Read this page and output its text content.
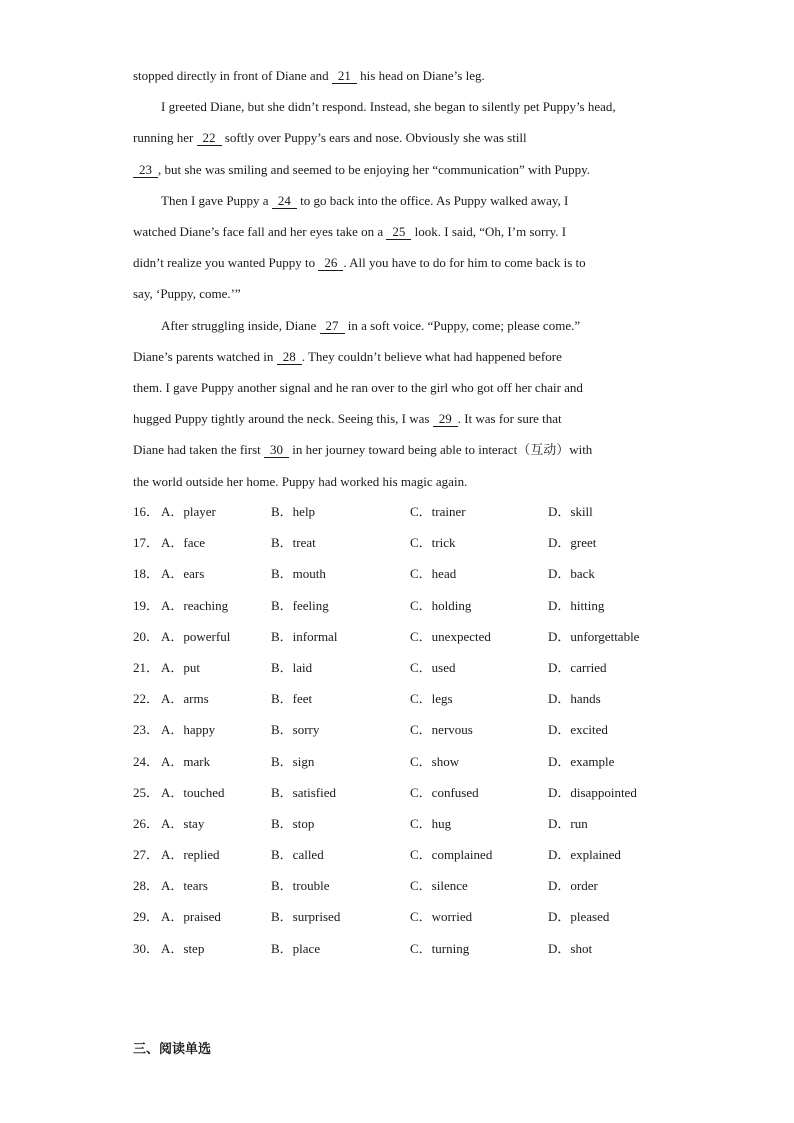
stopped directly in front of Diane and 21 his head on Diane’s leg.
I greeted Diane, but she didn’t respond. Instead, she began to silently pet Puppy’s head,
running her 22 softly over Puppy’s ears and nose. Obviously she was still
23 , but she was smiling and seemed to be enjoying her “communication” with Puppy.
Then I gave Puppy a 24 to go back into the office. As Puppy walked away, I
watched Diane’s face fall and her eyes take on a 25 look. I said, “Oh, I’m sorry. I
didn’t realize you wanted Puppy to 26 . All you have to do for him to come back is to
say, ‘Puppy, come.’”
After struggling inside, Diane 27 in a soft voice. “Puppy, come; please come.”
Diane’s parents watched in 28 . They couldn’t believe what had happened before
them. I gave Puppy another signal and he ran over to the girl who got off her chair and
hugged Puppy tightly around the neck. Seeing this, I was 29 . It was for sure that
Diane had taken the first 30 in her journey toward being able to interact（互动）with
the world outside her home. Puppy had worked his magic again.
16． A．player	B．help	C．trainer	D．skill
17． A．face	B．treat	C．trick	D．greet
18． A．ears	B．mouth	C．head	D．back
19． A．reaching	B．feeling	C．holding	D．hitting
20． A．powerful	B．informal	C．unexpected	D．unforgettable
21． A．put	B．laid	C．used	D．carried
22． A．arms	B．feet	C．legs	D．hands
23． A．happy	B．sorry	C．nervous	D．excited
24． A．mark	B．sign	C．show	D．example
25． A．touched	B．satisfied	C．confused	D．disappointed
26． A．stay	B．stop	C．hug	D．run
27． A．replied	B．called	C．complained	D．explained
28． A．tears	B．trouble	C．silence	D．order
29． A．praised	B．surprised	C．worried	D．pleased
30． A．step	B．place	C．turning	D．shot
三、阅读单选
